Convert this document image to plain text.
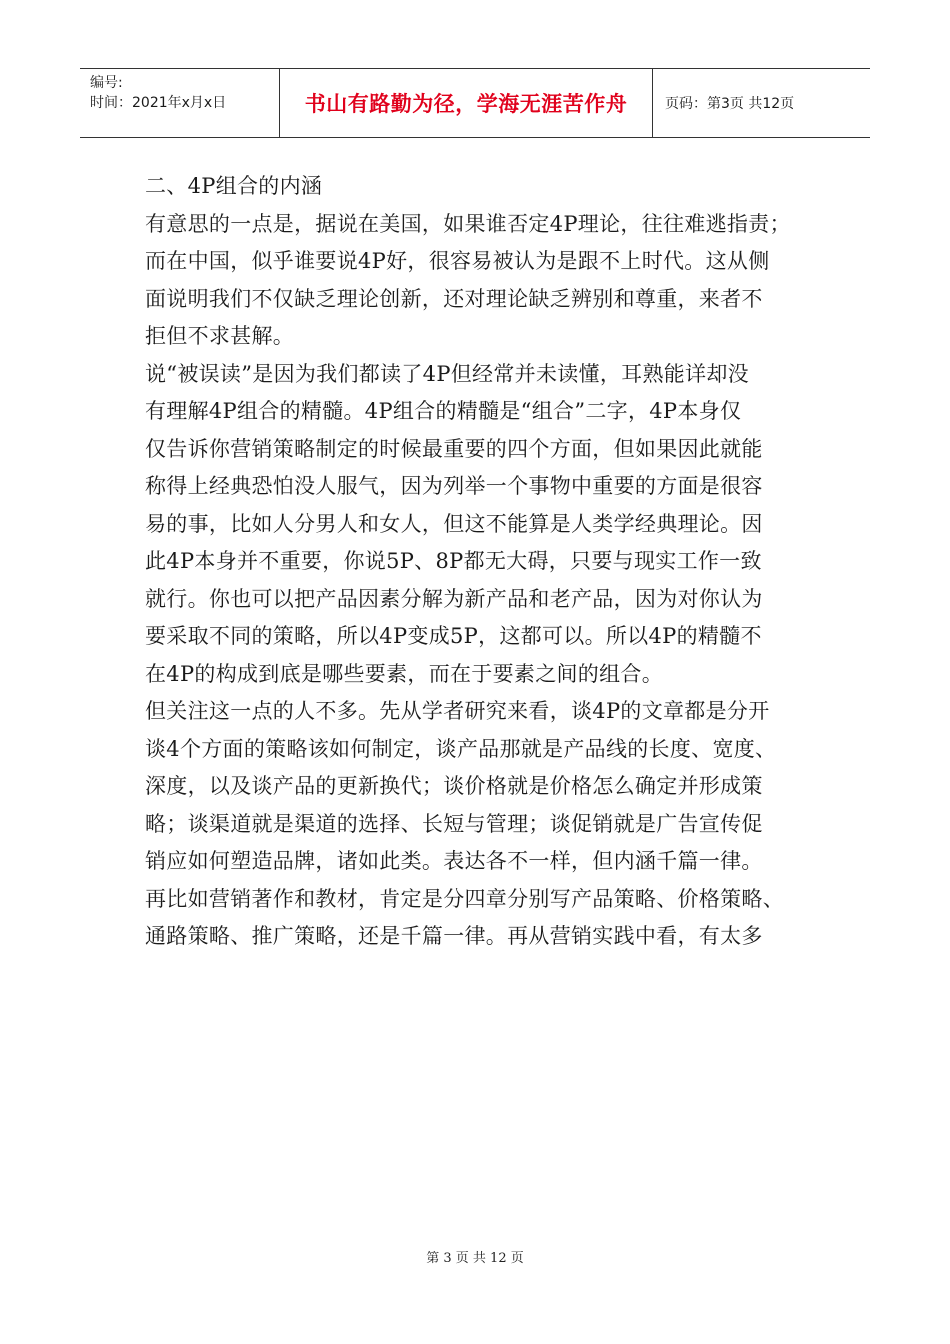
编号:
时间：2021年x月x日	书山有路勤为径，学海无涯苦作舟	页码：第3页 共12页
二、4P组合的内涵
有意思的一点是，据说在美国，如果谁否定4P理论，往往难逃指责；
而在中国，似乎谁要说4P好，很容易被认为是跟不上时代。这从侧
面说明我们不仅缺乏理论创新，还对理论缺乏辨别和尊重，来者不
拒但不求甚解。
说“被误读”是因为我们都读了4P但经常并未读懂，耳熟能详却没
有理解4P组合的精髓。4P组合的精髓是“组合”二字，4P本身仅
仅告诉你营销策略制定的时候最重要的四个方面，但如果因此就能
称得上经典恐怕没人服气，因为列举一个事物中重要的方面是很容
易的事，比如人分男人和女人，但这不能算是人类学经典理论。因
此4P本身并不重要，你说5P、8P都无大碍，只要与现实工作一致
就行。你也可以把产品因素分解为新产品和老产品，因为对你认为
要采取不同的策略，所以4P变成5P，这都可以。所以4P的精髓不
在4P的构成到底是哪些要素，而在于要素之间的组合。
但关注这一点的人不多。先从学者研究来看，谈4P的文章都是分开
谈4个方面的策略该如何制定，谈产品那就是产品线的长度、宽度、
深度，以及谈产品的更新换代；谈价格就是价格怎么确定并形成策
略；谈渠道就是渠道的选择、长短与管理；谈促销就是广告宣传促
销应如何塑造品牌，诸如此类。表达各不一样，但内涵千篇一律。
再比如营销著作和教材，肯定是分四章分别写产品策略、价格策略、
通路策略、推广策略，还是千篇一律。再从营销实践中看，有太多
第 3 页 共 12 页
